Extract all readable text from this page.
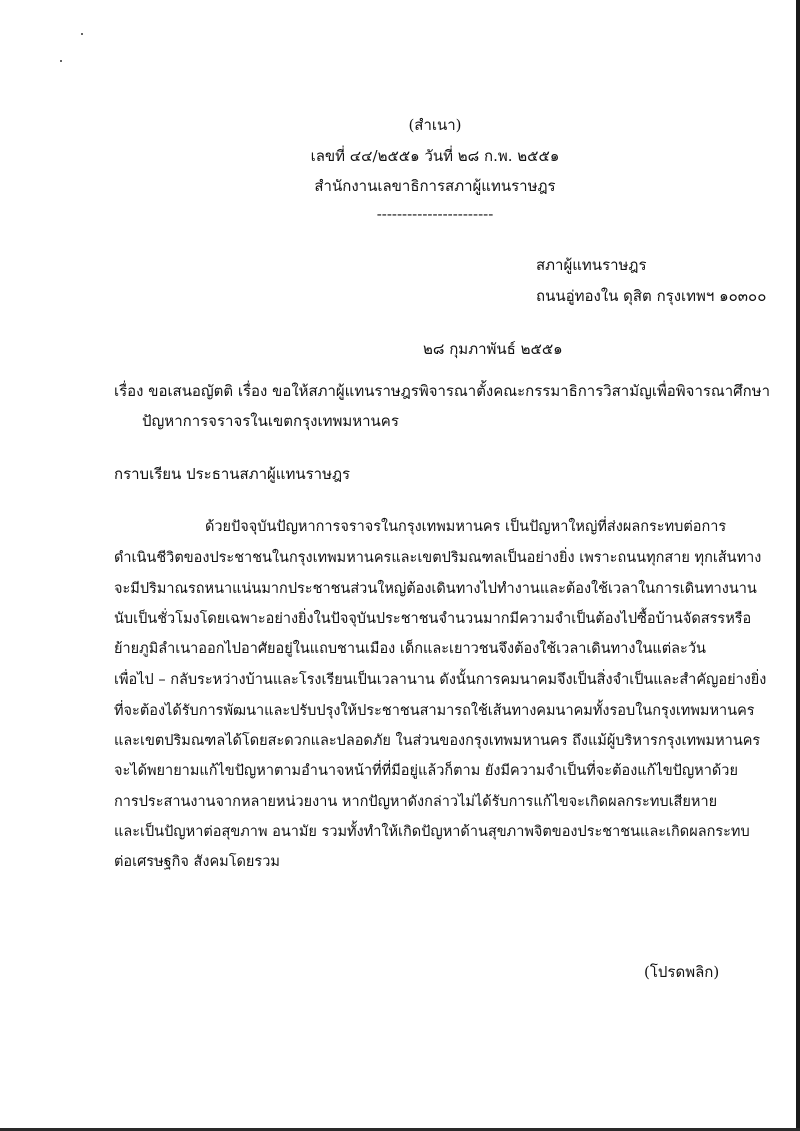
(สำเนา)
เลขที่ ๔๔/๒๕๕๑ วันที่ ๒๘ ก.พ. ๒๕๕๑
สำนักงานเลขาธิการสภาผู้แทนราษฎร
-----------------------
สภาผู้แทนราษฎร
ถนนอู่ทองใน ดุสิต กรุงเทพฯ ๑๐๓๐๐
๒๘ กุมภาพันธ์ ๒๕๕๑
เรื่อง ขอเสนอญัตติ เรื่อง ขอให้สภาผู้แทนราษฎรพิจารณาตั้งคณะกรรมาธิการวิสามัญเพื่อพิจารณาศึกษา
ปัญหาการจราจรในเขตกรุงเทพมหานคร
กราบเรียน ประธานสภาผู้แทนราษฎร
ด้วยปัจจุบันปัญหาการจราจรในกรุงเทพมหานคร เป็นปัญหาใหญ่ที่ส่งผลกระทบต่อการ
ดำเนินชีวิตของประชาชนในกรุงเทพมหานครและเขตปริมณฑลเป็นอย่างยิ่ง เพราะถนนทุกสาย ทุกเส้นทาง
จะมีปริมาณรถหนาแน่นมากประชาชนส่วนใหญ่ต้องเดินทางไปทำงานและต้องใช้เวลาในการเดินทางนาน
นับเป็นชั่วโมงโดยเฉพาะอย่างยิ่งในปัจจุบันประชาชนจำนวนมากมีความจำเป็นต้องไปซื้อบ้านจัดสรรหรือ
ย้ายภูมิลำเนาออกไปอาศัยอยู่ในแถบชานเมือง เด็กและเยาวชนจึงต้องใช้เวลาเดินทางในแต่ละวัน
เพื่อไป – กลับระหว่างบ้านและโรงเรียนเป็นเวลานาน ดังนั้นการคมนาคมจึงเป็นสิ่งจำเป็นและสำคัญอย่างยิ่ง
ที่จะต้องได้รับการพัฒนาและปรับปรุงให้ประชาชนสามารถใช้เส้นทางคมนาคมทั้งรอบในกรุงเทพมหานคร
และเขตปริมณฑลได้โดยสะดวกและปลอดภัย ในส่วนของกรุงเทพมหานคร ถึงแม้ผู้บริหารกรุงเทพมหานคร
จะได้พยายามแก้ไขปัญหาตามอำนาจหน้าที่ที่มีอยู่แล้วก็ตาม ยังมีความจำเป็นที่จะต้องแก้ไขปัญหาด้วย
การประสานงานจากหลายหน่วยงาน หากปัญหาดังกล่าวไม่ได้รับการแก้ไขจะเกิดผลกระทบเสียหาย
และเป็นปัญหาต่อสุขภาพ อนามัย รวมทั้งทำให้เกิดปัญหาด้านสุขภาพจิตของประชาชนและเกิดผลกระทบ
ต่อเศรษฐกิจ สังคมโดยรวม
(โปรดพลิก)
